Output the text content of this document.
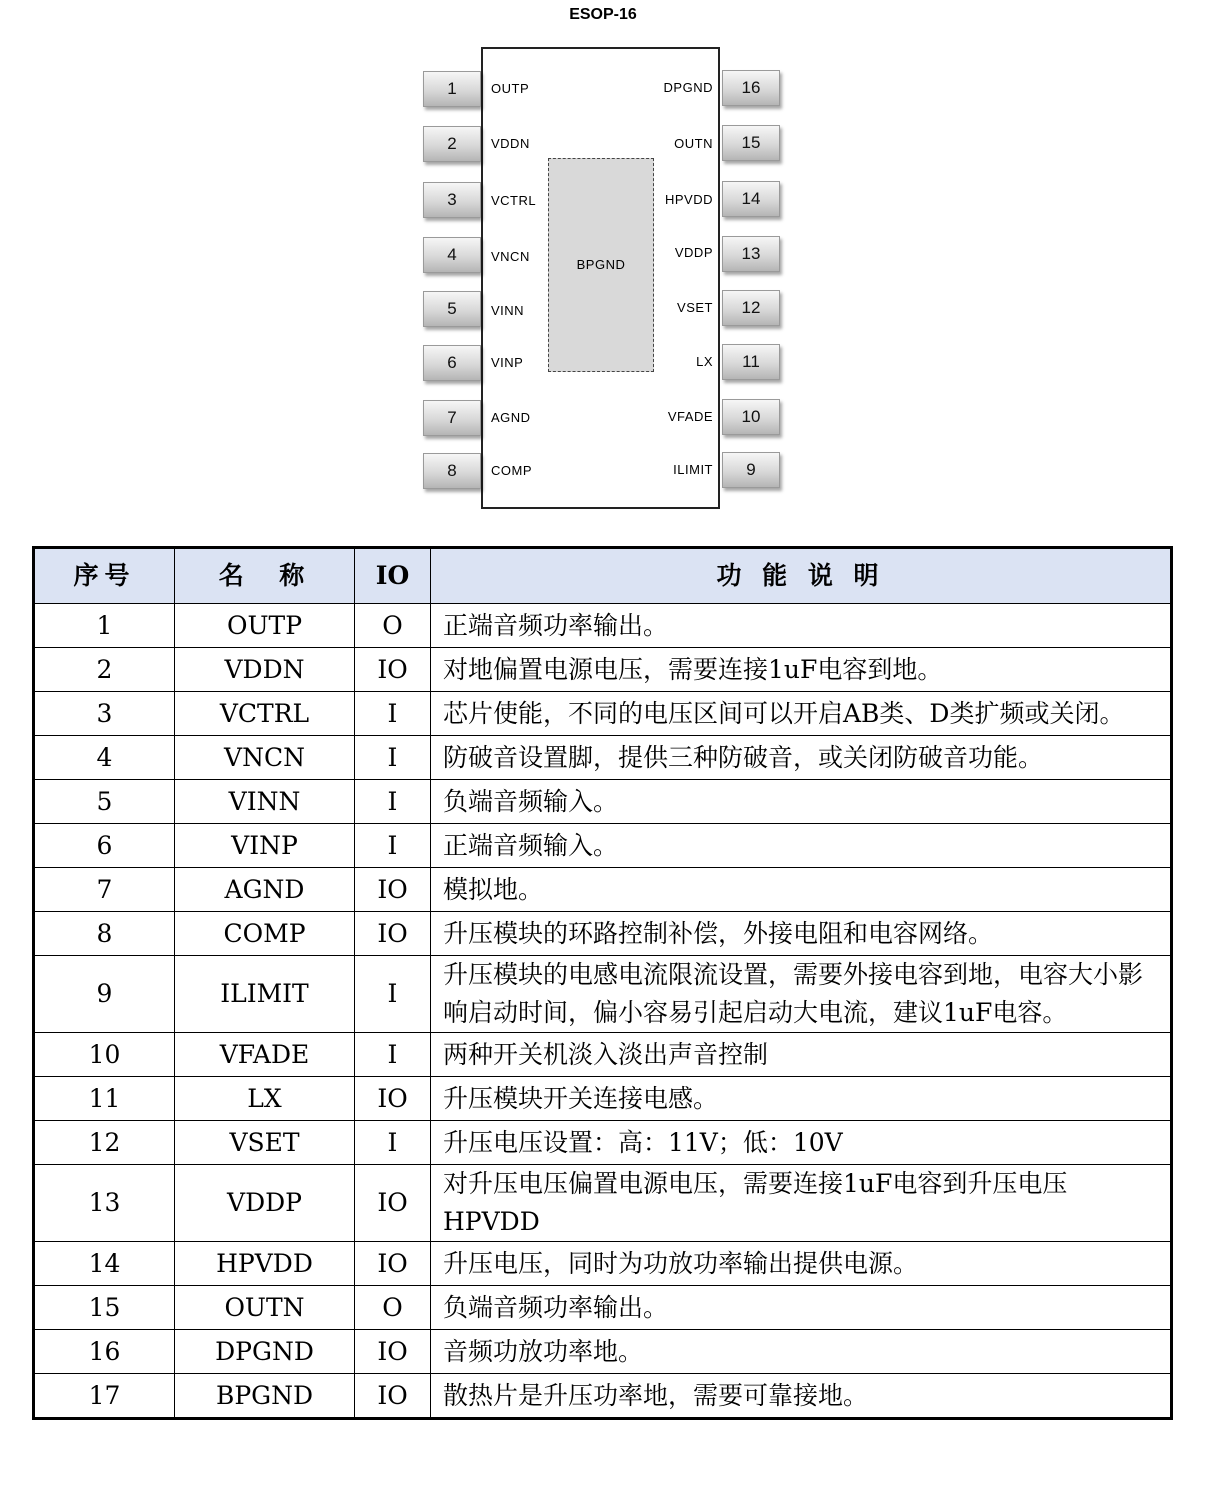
ESOP-16
BPGND
1
2
3
4
5
6
7
8
16
15
14
13
12
11
10
9
OUTP
VDDN
VCTRL
VNCN
VINN
VINP
AGND
COMP
DPGND
OUTN
HPVDD
VDDP
VSET
LX
VFADE
ILIMIT
序号	名  称	IO	功 能 说 明
1	OUTP	O	正端音频功率输出。
2	VDDN	IO	对地偏置电源电压，需要连接1uF电容到地。
3	VCTRL	I	芯片使能，不同的电压区间可以开启AB类、D类扩频或关闭。
4	VNCN	I	防破音设置脚，提供三种防破音，或关闭防破音功能。
5	VINN	I	负端音频输入。
6	VINP	I	正端音频输入。
7	AGND	IO	模拟地。
8	COMP	IO	升压模块的环路控制补偿，外接电阻和电容网络。
9	ILIMIT	I	升压模块的电感电流限流设置，需要外接电容到地，电容大小影响启动时间，偏小容易引起启动大电流，建议1uF电容。
10	VFADE	I	两种开关机淡入淡出声音控制
11	LX	IO	升压模块开关连接电感。
12	VSET	I	升压电压设置：高：11V；低：10V
13	VDDP	IO	对升压电压偏置电源电压，需要连接1uF电容到升压电压HPVDD
14	HPVDD	IO	升压电压，同时为功放功率输出提供电源。
15	OUTN	O	负端音频功率输出。
16	DPGND	IO	音频功放功率地。
17	BPGND	IO	散热片是升压功率地，需要可靠接地。
